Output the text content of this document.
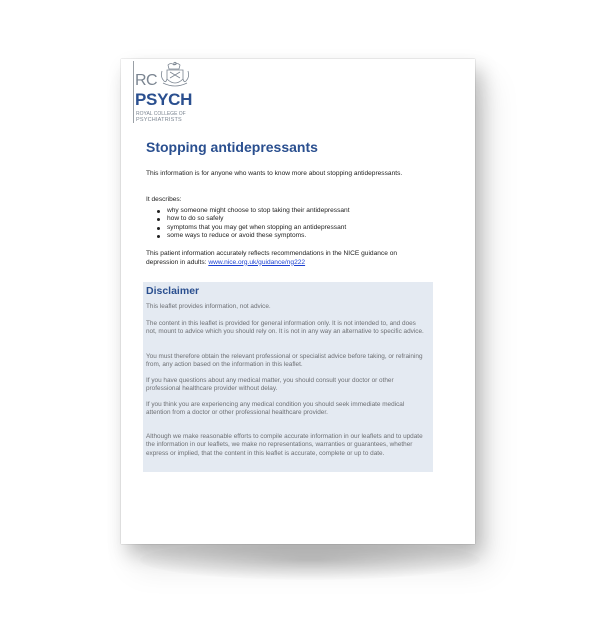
RC
PSYCH
ROYAL COLLEGE OF
PSYCHIATRISTS
Stopping antidepressants

This information is for anyone who wants to know more about stopping antidepressants.

It describes:

why someone might choose to stop taking their antidepressant
how to do so safely
symptoms that you may get when stopping an antidepressant
some ways to reduce or avoid these symptoms.

This patient information accurately reflects recommendations in the NICE guidance on depression in adults: www.nice.org.uk/guidance/ng222

Disclaimer

This leaflet provides information, not advice.

The content in this leaflet is provided for general information only. It is not intended to, and does not, mount to advice which you should rely on. It is not in any way an alternative to specific advice.

You must therefore obtain the relevant professional or specialist advice before taking, or refraining from, any action based on the information in this leaflet.

If you have questions about any medical matter, you should consult your doctor or other professional healthcare provider without delay.

If you think you are experiencing any medical condition you should seek immediate medical attention from a doctor or other professional healthcare provider.

Although we make reasonable efforts to compile accurate information in our leaflets and to update the information in our leaflets, we make no representations, warranties or guarantees, whether express or implied, that the content in this leaflet is accurate, complete or up to date.
